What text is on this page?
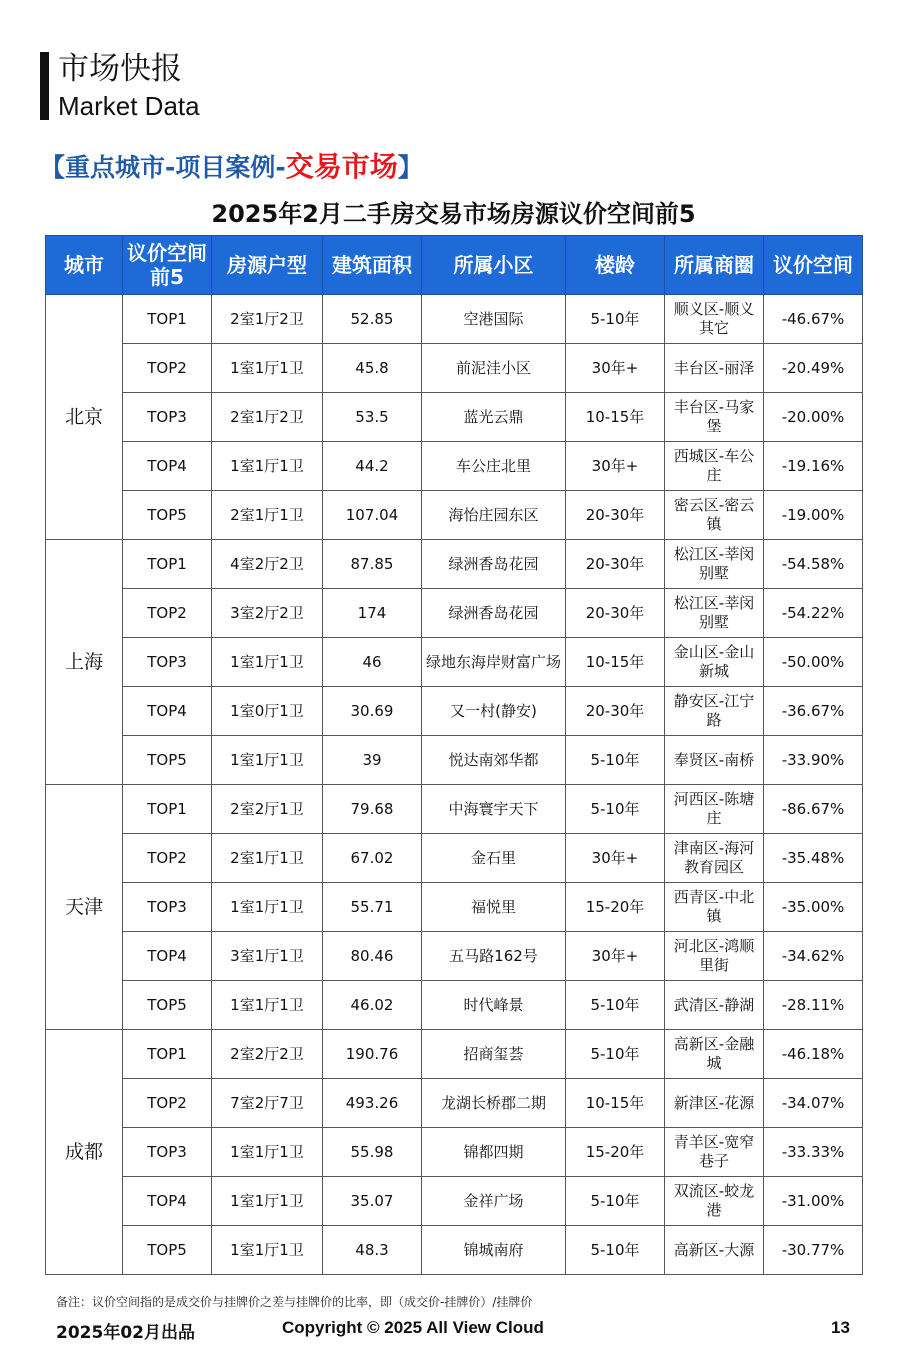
市场快报
Market Data
【重点城市-项目案例-交易市场】
2025年2月二手房交易市场房源议价空间前5
城市	议价空间前5	房源户型	建筑面积	所属小区	楼龄	所属商圈	议价空间
北京	TOP1	2室1厅2卫	52.85	空港国际	5-10年	顺义区-顺义其它	-46.67%
	TOP2	1室1厅1卫	45.8	前泥洼小区	30年+	丰台区-丽泽	-20.49%
	TOP3	2室1厅2卫	53.5	蓝光云鼎	10-15年	丰台区-马家堡	-20.00%
	TOP4	1室1厅1卫	44.2	车公庄北里	30年+	西城区-车公庄	-19.16%
	TOP5	2室1厅1卫	107.04	海怡庄园东区	20-30年	密云区-密云镇	-19.00%
上海	TOP1	4室2厅2卫	87.85	绿洲香岛花园	20-30年	松江区-莘闵别墅	-54.58%
	TOP2	3室2厅2卫	174	绿洲香岛花园	20-30年	松江区-莘闵别墅	-54.22%
	TOP3	1室1厅1卫	46	绿地东海岸财富广场	10-15年	金山区-金山新城	-50.00%
	TOP4	1室0厅1卫	30.69	又一村(静安)	20-30年	静安区-江宁路	-36.67%
	TOP5	1室1厅1卫	39	悦达南郊华都	5-10年	奉贤区-南桥	-33.90%
天津	TOP1	2室2厅1卫	79.68	中海寰宇天下	5-10年	河西区-陈塘庄	-86.67%
	TOP2	2室1厅1卫	67.02	金石里	30年+	津南区-海河教育园区	-35.48%
	TOP3	1室1厅1卫	55.71	福悦里	15-20年	西青区-中北镇	-35.00%
	TOP4	3室1厅1卫	80.46	五马路162号	30年+	河北区-鸿顺里街	-34.62%
	TOP5	1室1厅1卫	46.02	时代峰景	5-10年	武清区-静湖	-28.11%
成都	TOP1	2室2厅2卫	190.76	招商玺荟	5-10年	高新区-金融城	-46.18%
	TOP2	7室2厅7卫	493.26	龙湖长桥郡二期	10-15年	新津区-花源	-34.07%
	TOP3	1室1厅1卫	55.98	锦都四期	15-20年	青羊区-宽窄巷子	-33.33%
	TOP4	1室1厅1卫	35.07	金祥广场	5-10年	双流区-蛟龙港	-31.00%
	TOP5	1室1厅1卫	48.3	锦城南府	5-10年	高新区-大源	-30.77%
备注：议价空间指的是成交价与挂牌价之差与挂牌价的比率，即（成交价-挂牌价）/挂牌价
2025年02月出品	Copyright © 2025 All View Cloud	13
